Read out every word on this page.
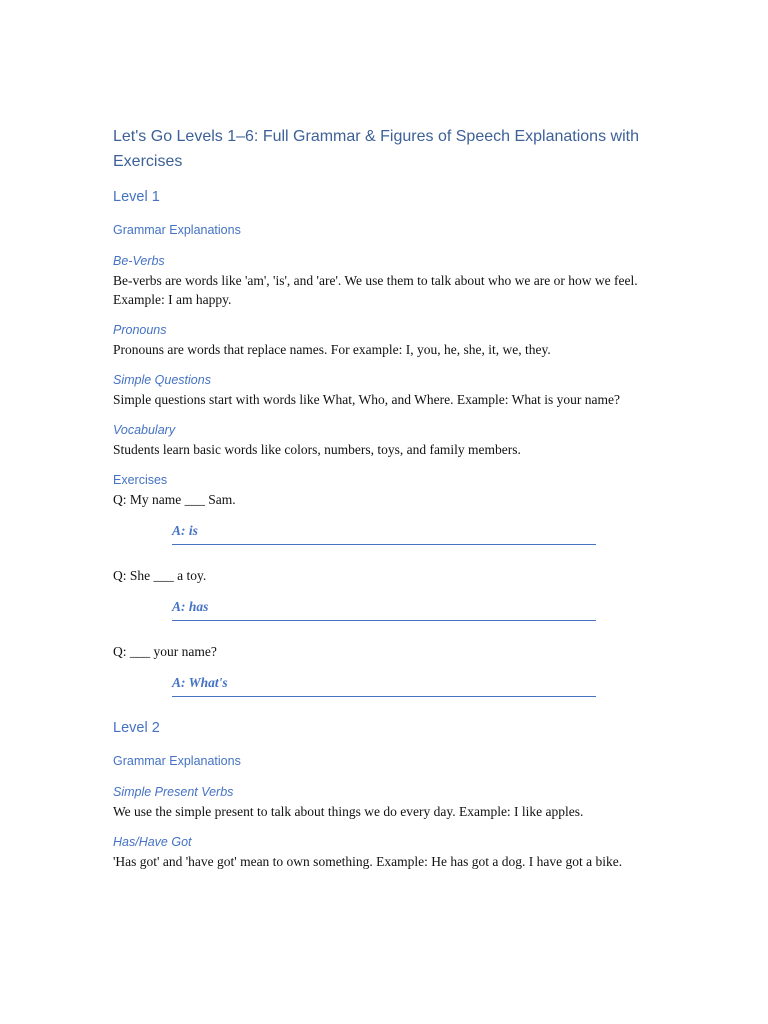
Let's Go Levels 1–6: Full Grammar & Figures of Speech Explanations with Exercises
Level 1
Grammar Explanations
Be-Verbs

Be-verbs are words like 'am', 'is', and 'are'. We use them to talk about who we are or how we feel. Example: I am happy.

Pronouns

Pronouns are words that replace names. For example: I, you, he, she, it, we, they.

Simple Questions

Simple questions start with words like What, Who, and Where. Example: What is your name?

Vocabulary

Students learn basic words like colors, numbers, toys, and family members.

Exercises

Q: My name ___ Sam.

A: is

Q: She ___ a toy.

A: has

Q: ___ your name?

A: What's
Level 2
Grammar Explanations
Simple Present Verbs

We use the simple present to talk about things we do every day. Example: I like apples.

Has/Have Got

'Has got' and 'have got' mean to own something. Example: He has got a dog. I have got a bike.
